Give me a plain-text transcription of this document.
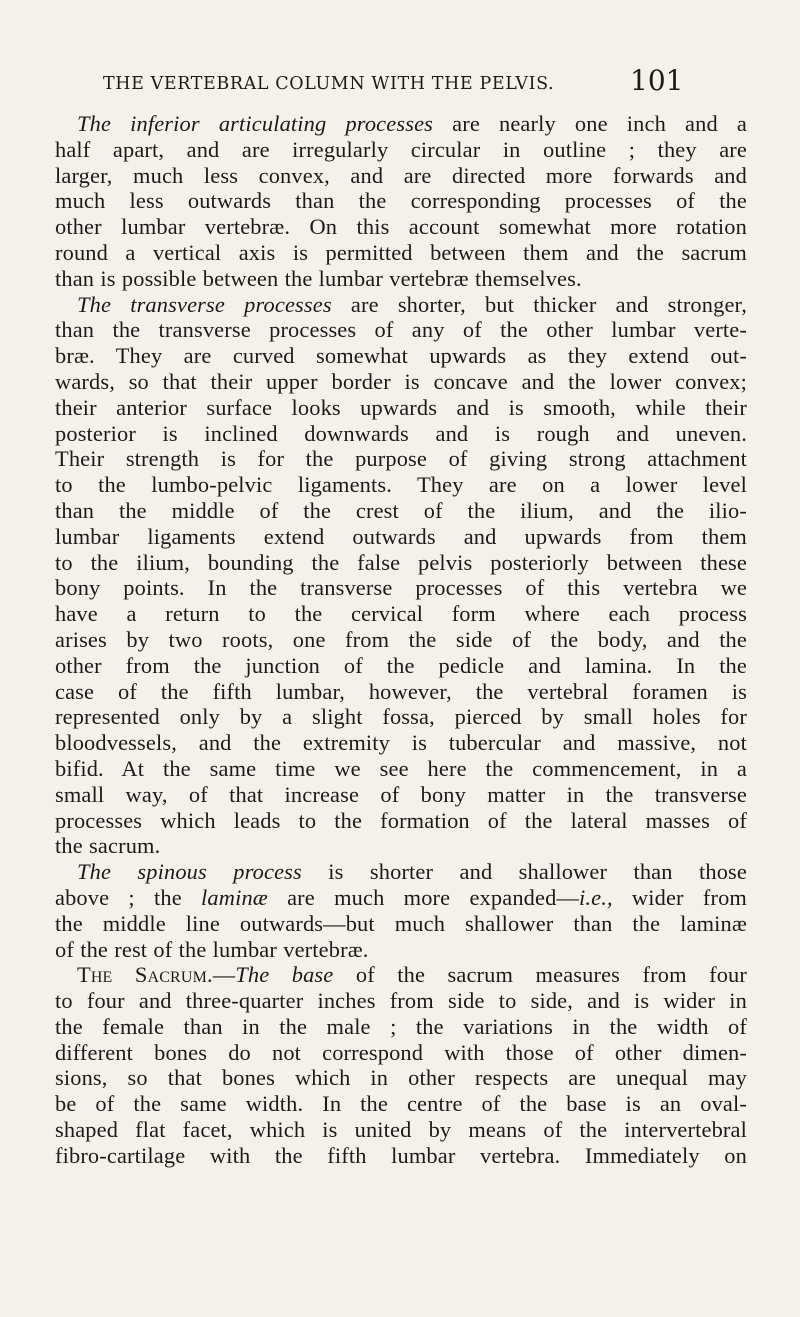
THE VERTEBRAL COLUMN WITH THE PELVIS.	101
The inferior articulating processes are nearly one inch and a
half apart, and are irregularly circular in outline ; they are
larger, much less convex, and are directed more forwards and
much less outwards than the corresponding processes of the
other lumbar vertebræ. On this account somewhat more rotation
round a vertical axis is permitted between them and the sacrum
than is possible between the lumbar vertebræ themselves.
The transverse processes are shorter, but thicker and stronger,
than the transverse processes of any of the other lumbar verte-
bræ. They are curved somewhat upwards as they extend out-
wards, so that their upper border is concave and the lower convex;
their anterior surface looks upwards and is smooth, while their
posterior is inclined downwards and is rough and uneven.
Their strength is for the purpose of giving strong attachment
to the lumbo-pelvic ligaments. They are on a lower level
than the middle of the crest of the ilium, and the ilio-
lumbar ligaments extend outwards and upwards from them
to the ilium, bounding the false pelvis posteriorly between these
bony points. In the transverse processes of this vertebra we
have a return to the cervical form where each process
arises by two roots, one from the side of the body, and the
other from the junction of the pedicle and lamina. In the
case of the fifth lumbar, however, the vertebral foramen is
represented only by a slight fossa, pierced by small holes for
bloodvessels, and the extremity is tubercular and massive, not
bifid. At the same time we see here the commencement, in a
small way, of that increase of bony matter in the transverse
processes which leads to the formation of the lateral masses of
the sacrum.
The spinous process is shorter and shallower than those
above ; the laminæ are much more expanded—i.e., wider from
the middle line outwards—but much shallower than the laminæ
of the rest of the lumbar vertebræ.
The Sacrum.—The base of the sacrum measures from four
to four and three-quarter inches from side to side, and is wider in
the female than in the male ; the variations in the width of
different bones do not correspond with those of other dimen-
sions, so that bones which in other respects are unequal may
be of the same width. In the centre of the base is an oval-
shaped flat facet, which is united by means of the intervertebral
fibro-cartilage with the fifth lumbar vertebra. Immediately on
